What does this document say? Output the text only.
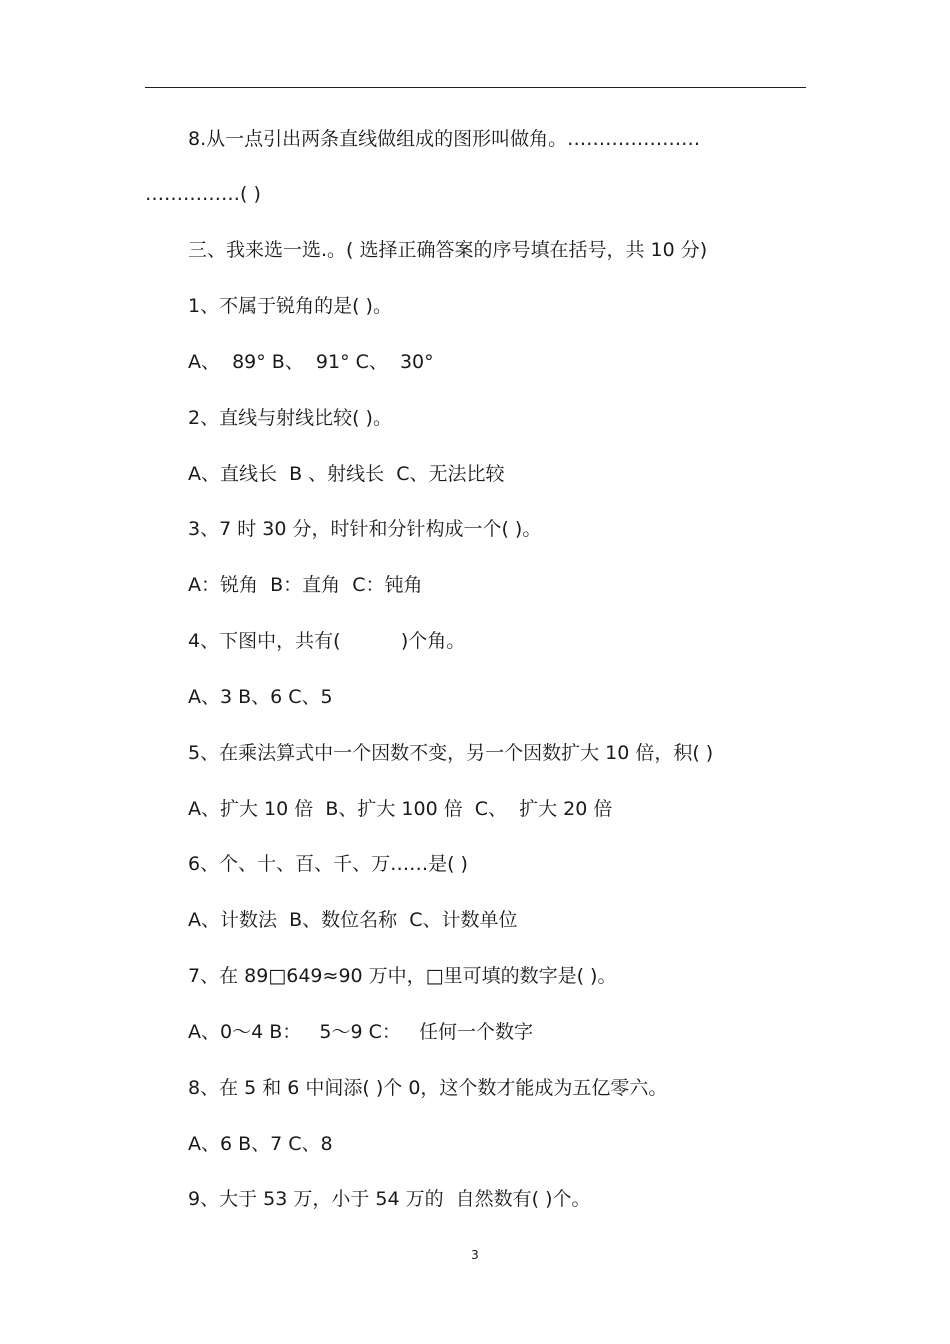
8.从一点引出两条直线做组成的图形叫做角。…………………
……………( )
三、我来选一选.。( 选择正确答案的序号填在括号，共 10 分)
1、不属于锐角的是( )。
A、  89° B、  91° C、  30°
2、直线与射线比较( )。
A、直线长  B 、射线长  C、无法比较
3、7 时 30 分，时针和分针构成一个( )。
A：锐角  B：直角  C：钝角
4、下图中，共有(          )个角。
A、3 B、6 C、5
5、在乘法算式中一个因数不变，另一个因数扩大 10 倍，积( )
A、扩大 10 倍  B、扩大 100 倍  C、  扩大 20 倍
6、个、十、百、千、万……是( )
A、计数法  B、数位名称  C、计数单位
7、在 89□649≈90 万中，□里可填的数字是( )。
A、0～4 B：   5～9 C：   任何一个数字
8、在 5 和 6 中间添( )个 0，这个数才能成为五亿零六。
A、6 B、7 C、8
9、大于 53 万，小于 54 万的  自然数有( )个。
3
